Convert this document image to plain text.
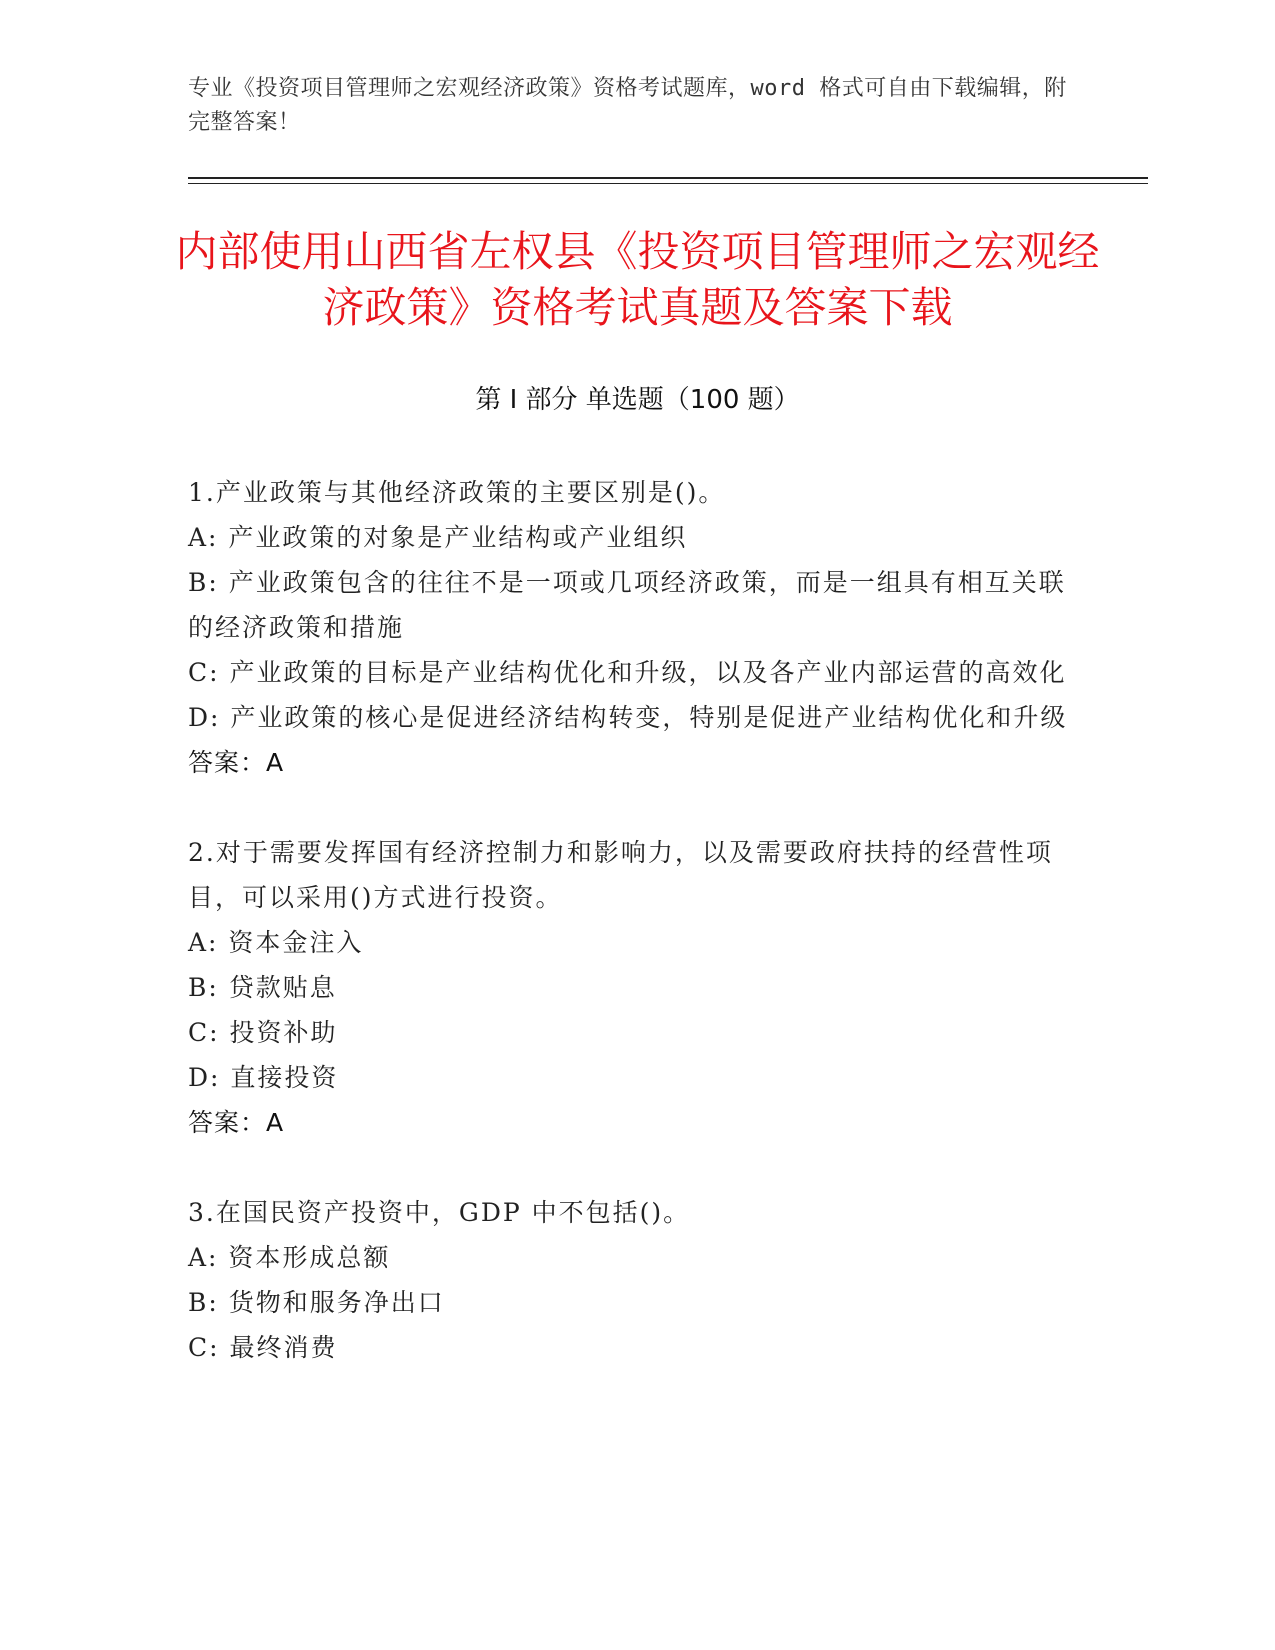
专业《投资项目管理师之宏观经济政策》资格考试题库，word 格式可自由下载编辑，附完整答案！
内部使用山西省左权县《投资项目管理师之宏观经济政策》资格考试真题及答案下载
第 I 部分 单选题（100 题）

1.产业政策与其他经济政策的主要区别是()。

A: 产业政策的对象是产业结构或产业组织

B: 产业政策包含的往往不是一项或几项经济政策，而是一组具有相互关联的经济政策和措施

C: 产业政策的目标是产业结构优化和升级，以及各产业内部运营的高效化

D: 产业政策的核心是促进经济结构转变，特别是促进产业结构优化和升级

答案：A

2.对于需要发挥国有经济控制力和影响力，以及需要政府扶持的经营性项目，可以采用()方式进行投资。

A: 资本金注入

B: 贷款贴息

C: 投资补助

D: 直接投资

答案：A

3.在国民资产投资中，GDP 中不包括()。

A: 资本形成总额

B: 货物和服务净出口

C: 最终消费
